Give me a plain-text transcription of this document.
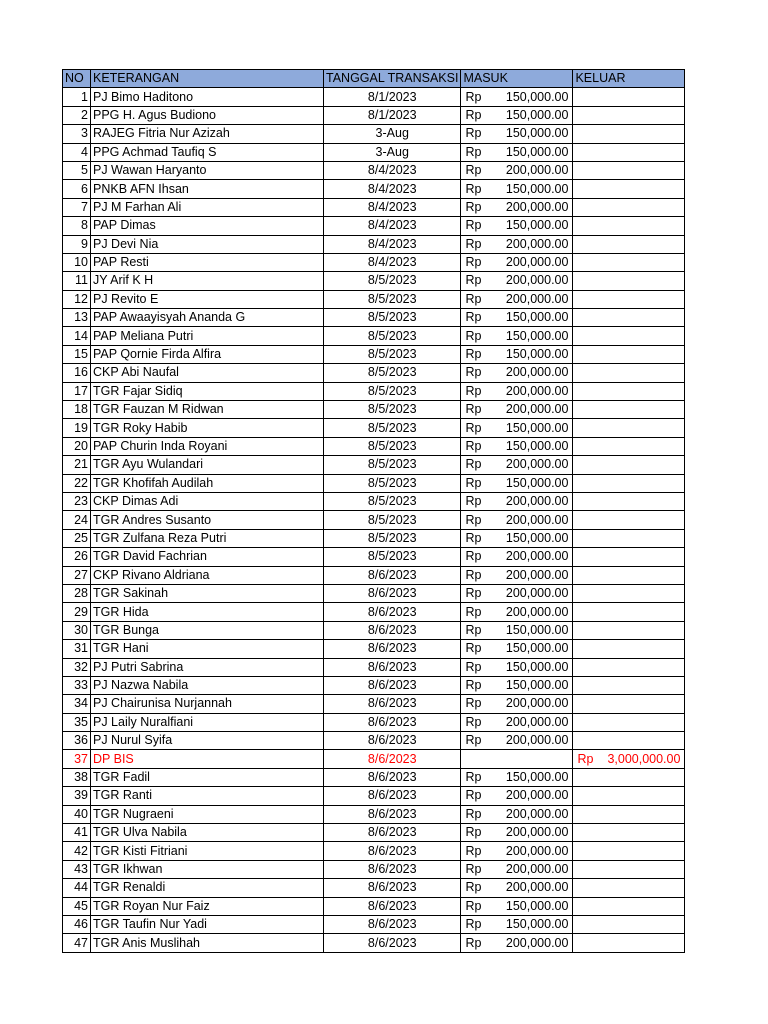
NO	KETERANGAN	TANGGAL TRANSAKSI	MASUK	KELUAR
1	PJ Bimo Haditono	8/1/2023	Rp 150,000.00	

2	PPG H. Agus Budiono	8/1/2023	Rp 150,000.00	

3	RAJEG Fitria Nur Azizah	3-Aug	Rp 150,000.00	

4	PPG Achmad Taufiq S	3-Aug	Rp 150,000.00	

5	PJ Wawan Haryanto	8/4/2023	Rp 200,000.00	

6	PNKB AFN Ihsan	8/4/2023	Rp 150,000.00	

7	PJ M Farhan Ali	8/4/2023	Rp 200,000.00	

8	PAP Dimas	8/4/2023	Rp 150,000.00	

9	PJ Devi Nia	8/4/2023	Rp 200,000.00	

10	PAP Resti	8/4/2023	Rp 200,000.00	

11	JY Arif K H	8/5/2023	Rp 200,000.00	

12	PJ Revito E	8/5/2023	Rp 200,000.00	

13	PAP Awaayisyah Ananda G	8/5/2023	Rp 150,000.00	

14	PAP Meliana Putri	8/5/2023	Rp 150,000.00	

15	PAP Qornie Firda Alfira	8/5/2023	Rp 150,000.00	

16	CKP Abi Naufal	8/5/2023	Rp 200,000.00	

17	TGR Fajar Sidiq	8/5/2023	Rp 200,000.00	

18	TGR Fauzan M Ridwan	8/5/2023	Rp 200,000.00	

19	TGR Roky Habib	8/5/2023	Rp 150,000.00	

20	PAP Churin Inda Royani	8/5/2023	Rp 150,000.00	

21	TGR Ayu Wulandari	8/5/2023	Rp 200,000.00	

22	TGR Khofifah Audilah	8/5/2023	Rp 150,000.00	

23	CKP Dimas Adi	8/5/2023	Rp 200,000.00	

24	TGR Andres Susanto	8/5/2023	Rp 200,000.00	

25	TGR Zulfana Reza Putri	8/5/2023	Rp 150,000.00	

26	TGR David Fachrian	8/5/2023	Rp 200,000.00	

27	CKP Rivano Aldriana	8/6/2023	Rp 200,000.00	

28	TGR Sakinah	8/6/2023	Rp 200,000.00	

29	TGR Hida	8/6/2023	Rp 200,000.00	

30	TGR Bunga	8/6/2023	Rp 150,000.00	

31	TGR Hani	8/6/2023	Rp 150,000.00	

32	PJ Putri Sabrina	8/6/2023	Rp 150,000.00	

33	PJ Nazwa Nabila	8/6/2023	Rp 150,000.00	

34	PJ Chairunisa Nurjannah	8/6/2023	Rp 200,000.00	

35	PJ Laily Nuralfiani	8/6/2023	Rp 200,000.00	

36	PJ Nurul Syifa	8/6/2023	Rp 200,000.00	

37	DP BIS	8/6/2023		Rp 3,000,000.00

38	TGR Fadil	8/6/2023	Rp 150,000.00	

39	TGR Ranti	8/6/2023	Rp 200,000.00	

40	TGR Nugraeni	8/6/2023	Rp 200,000.00	

41	TGR Ulva Nabila	8/6/2023	Rp 200,000.00	

42	TGR Kisti Fitriani	8/6/2023	Rp 200,000.00	

43	TGR Ikhwan	8/6/2023	Rp 200,000.00	

44	TGR Renaldi	8/6/2023	Rp 200,000.00	

45	TGR Royan Nur Faiz	8/6/2023	Rp 150,000.00	

46	TGR Taufin Nur Yadi	8/6/2023	Rp 150,000.00	

47	TGR Anis Muslihah	8/6/2023	Rp 200,000.00	
